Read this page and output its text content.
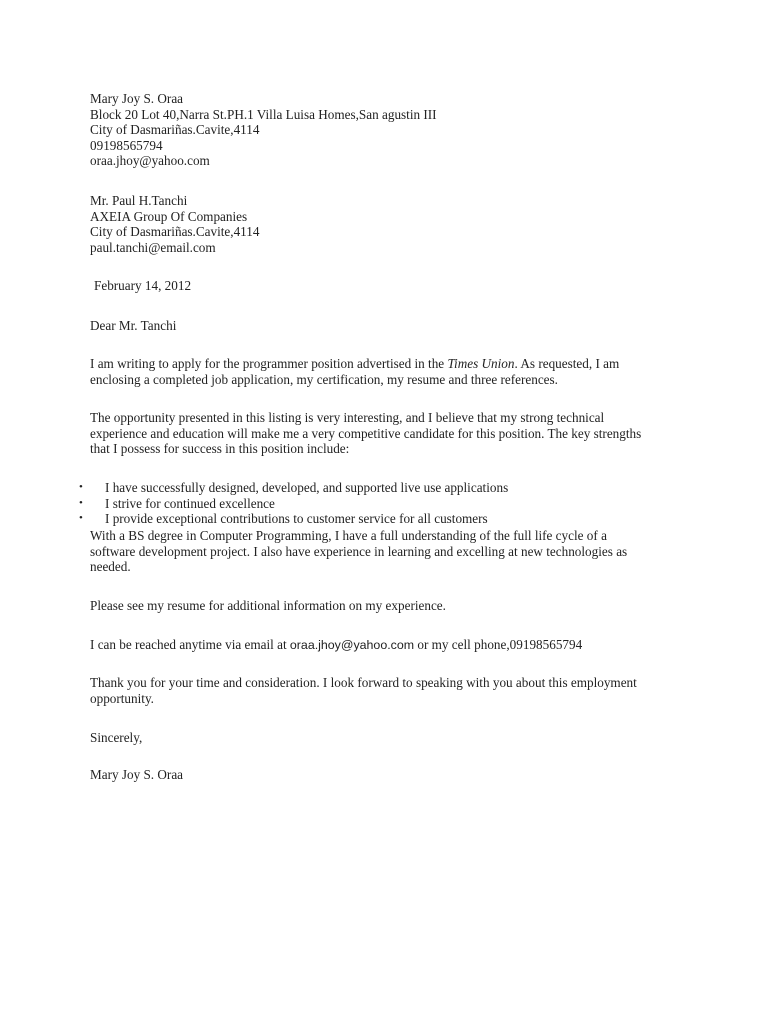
Mary Joy S. Oraa
Block 20 Lot 40,Narra St.PH.1 Villa Luisa Homes,San agustin III
City of Dasmariñas.Cavite,4114
09198565794
oraa.jhoy@yahoo.com
Mr. Paul H.Tanchi
AXEIA Group Of Companies
City of Dasmariñas.Cavite,4114
paul.tanchi@email.com
February 14, 2012
Dear Mr. Tanchi
I am writing to apply for the programmer position advertised in the Times Union. As requested, I am
enclosing a completed job application, my certification, my resume and three references.
The opportunity presented in this listing is very interesting, and I believe that my strong technical
experience and education will make me a very competitive candidate for this position. The key strengths
that I possess for success in this position include:
• I have successfully designed, developed, and supported live use applications
• I strive for continued excellence
• I provide exceptional contributions to customer service for all customers
With a BS degree in Computer Programming, I have a full understanding of the full life cycle of a
software development project. I also have experience in learning and excelling at new technologies as
needed.
Please see my resume for additional information on my experience.
I can be reached anytime via email at oraa.jhoy@yahoo.com or my cell phone,09198565794
Thank you for your time and consideration. I look forward to speaking with you about this employment
opportunity.
Sincerely,
Mary Joy S. Oraa
